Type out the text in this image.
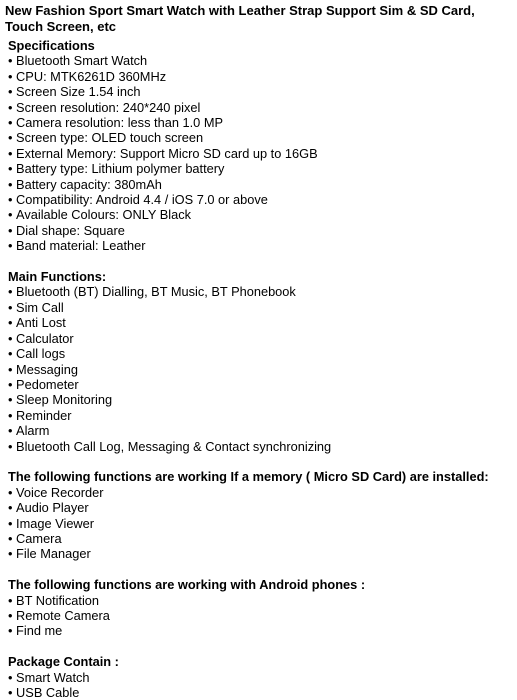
New Fashion Sport Smart Watch with Leather Strap Support Sim & SD Card, Touch Screen, etc
Specifications
• Bluetooth Smart Watch
• CPU: MTK6261D 360MHz
• Screen Size 1.54 inch
• Screen resolution: 240*240 pixel
• Camera resolution: less than 1.0 MP
• Screen type: OLED touch screen
• External Memory: Support Micro SD card up to 16GB
• Battery type: Lithium polymer battery
• Battery capacity: 380mAh
• Compatibility: Android 4.4 / iOS 7.0 or above
• Available Colours: ONLY Black
• Dial shape: Square
• Band material: Leather
Main Functions:
• Bluetooth (BT) Dialling, BT Music, BT Phonebook
• Sim Call
• Anti Lost
• Calculator
• Call logs
• Messaging
• Pedometer
• Sleep Monitoring
• Reminder
• Alarm
• Bluetooth Call Log, Messaging & Contact synchronizing
The following functions are working If a memory ( Micro SD Card) are installed:
• Voice Recorder
• Audio Player
• Image Viewer
• Camera
• File Manager
The following functions are working with Android phones :
• BT Notification
• Remote Camera
• Find me
Package Contain :
• Smart Watch
• USB Cable
